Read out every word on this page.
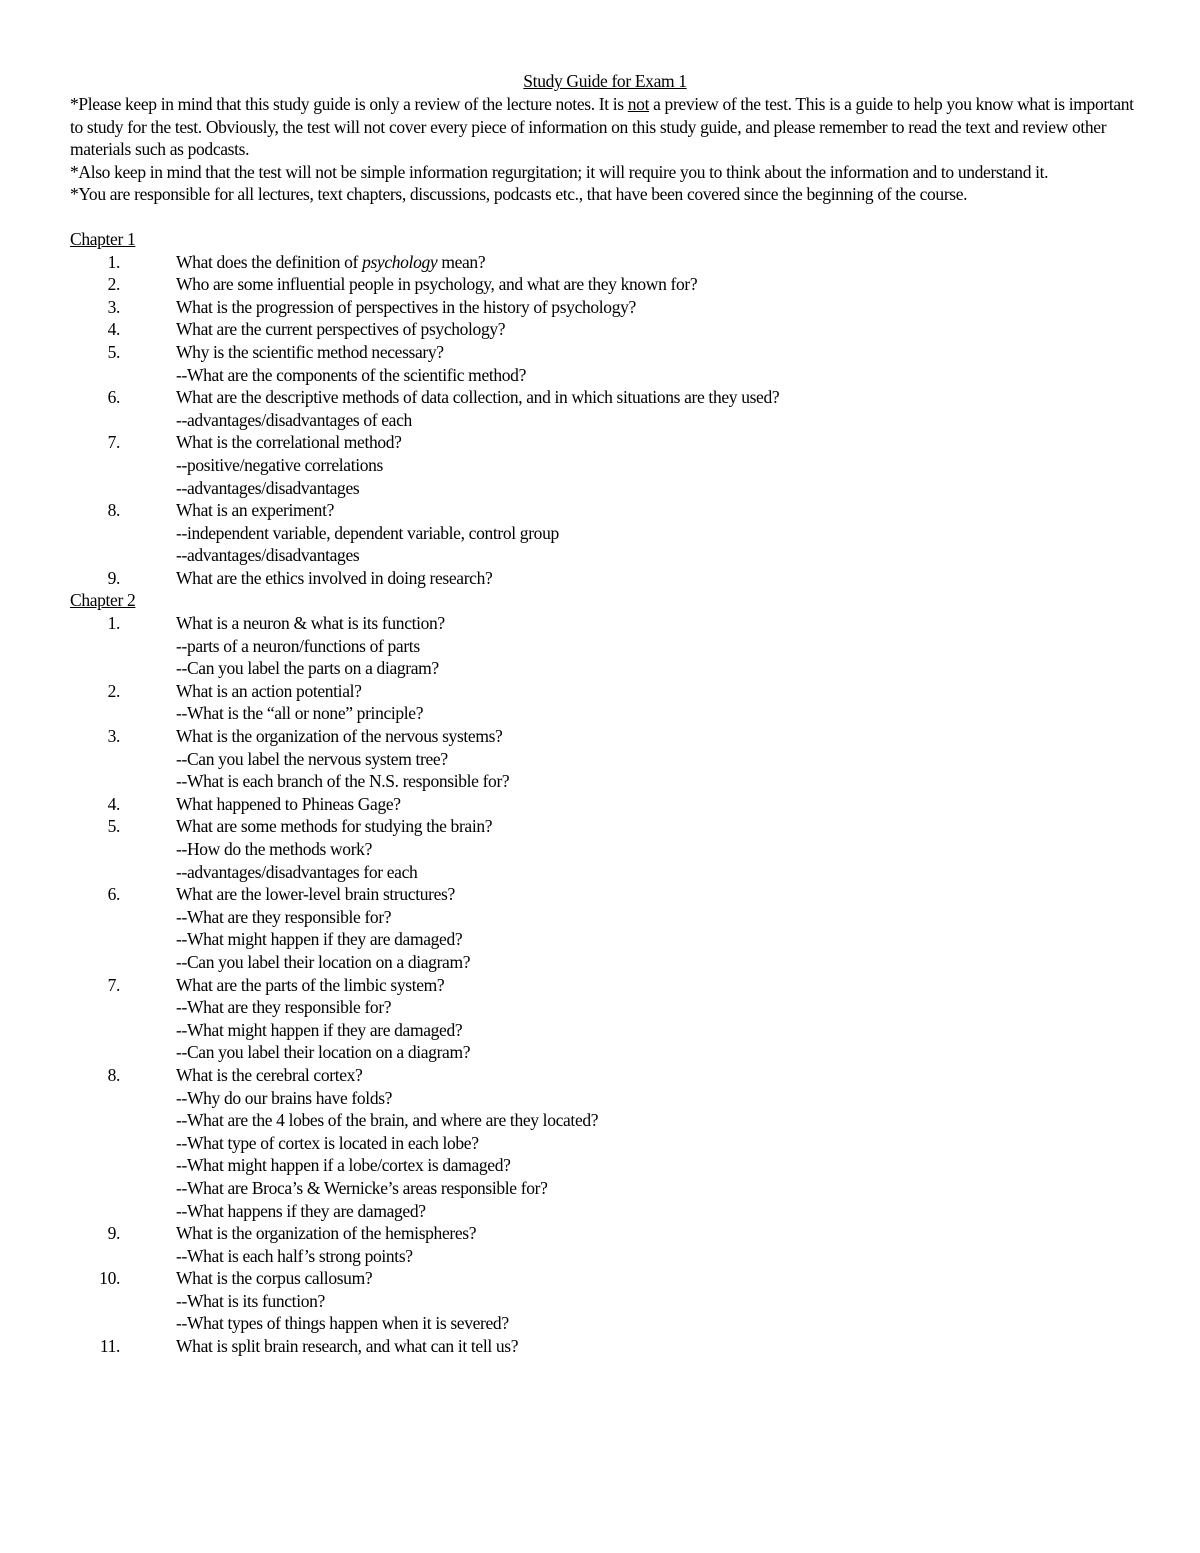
Study Guide for Exam 1

*Please keep in mind that this study guide is only a review of the lecture notes. It is not a preview of the test. This is a guide to help you know what is important to study for the test. Obviously, the test will not cover every piece of information on this study guide, and please remember to read the text and review other materials such as podcasts.

*Also keep in mind that the test will not be simple information regurgitation; it will require you to think about the information and to understand it.

*You are responsible for all lectures, text chapters, discussions, podcasts etc., that have been covered since the beginning of the course.

Chapter 1
1.	What does the definition of psychology mean?
2.	Who are some influential people in psychology, and what are they known for?
3.	What is the progression of perspectives in the history of psychology?
4.	What are the current perspectives of psychology?
5.	Why is the scientific method necessary?
--What are the components of the scientific method?
6.	What are the descriptive methods of data collection, and in which situations are they used?
--advantages/disadvantages of each
7.	What is the correlational method?
--positive/negative correlations
--advantages/disadvantages
8.	What is an experiment?
--independent variable, dependent variable, control group
--advantages/disadvantages
9.	What are the ethics involved in doing research?
Chapter 2
1.	What is a neuron & what is its function?
--parts of a neuron/functions of parts
--Can you label the parts on a diagram?
2.	What is an action potential?
--What is the “all or none” principle?
3.	What is the organization of the nervous systems?
--Can you label the nervous system tree?
--What is each branch of the N.S. responsible for?
4.	What happened to Phineas Gage?
5.	What are some methods for studying the brain?
--How do the methods work?
--advantages/disadvantages for each
6.	What are the lower-level brain structures?
--What are they responsible for?
--What might happen if they are damaged?
--Can you label their location on a diagram?
7.	What are the parts of the limbic system?
--What are they responsible for?
--What might happen if they are damaged?
--Can you label their location on a diagram?
8.	What is the cerebral cortex?
--Why do our brains have folds?
--What are the 4 lobes of the brain, and where are they located?
--What type of cortex is located in each lobe?
--What might happen if a lobe/cortex is damaged?
--What are Broca’s & Wernicke’s areas responsible for?
--What happens if they are damaged?
9.	What is the organization of the hemispheres?
--What is each half’s strong points?
10.	What is the corpus callosum?
--What is its function?
--What types of things happen when it is severed?
11.	What is split brain research, and what can it tell us?
